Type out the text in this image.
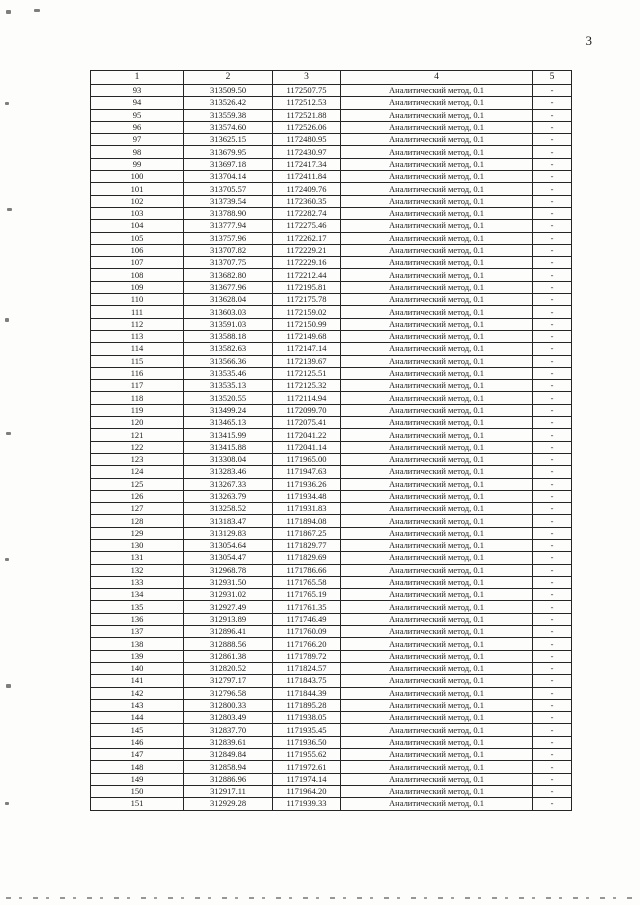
3
1	2	3	4	5
93	313509.50	1172507.75	Аналитический метод, 0.1	-
94	313526.42	1172512.53	Аналитический метод, 0.1	-
95	313559.38	1172521.88	Аналитический метод, 0.1	-
96	313574.60	1172526.06	Аналитический метод, 0.1	-
97	313625.15	1172480.95	Аналитический метод, 0.1	-
98	313679.95	1172430.97	Аналитический метод, 0.1	-
99	313697.18	1172417.34	Аналитический метод, 0.1	-
100	313704.14	1172411.84	Аналитический метод, 0.1	-
101	313705.57	1172409.76	Аналитический метод, 0.1	-
102	313739.54	1172360.35	Аналитический метод, 0.1	-
103	313788.90	1172282.74	Аналитический метод, 0.1	-
104	313777.94	1172275.46	Аналитический метод, 0.1	-
105	313757.96	1172262.17	Аналитический метод, 0.1	-
106	313707.82	1172229.21	Аналитический метод, 0.1	-
107	313707.75	1172229.16	Аналитический метод, 0.1	-
108	313682.80	1172212.44	Аналитический метод, 0.1	-
109	313677.96	1172195.81	Аналитический метод, 0.1	-
110	313628.04	1172175.78	Аналитический метод, 0.1	-
111	313603.03	1172159.02	Аналитический метод, 0.1	-
112	313591.03	1172150.99	Аналитический метод, 0.1	-
113	313588.18	1172149.68	Аналитический метод, 0.1	-
114	313582.63	1172147.14	Аналитический метод, 0.1	-
115	313566.36	1172139.67	Аналитический метод, 0.1	-
116	313535.46	1172125.51	Аналитический метод, 0.1	-
117	313535.13	1172125.32	Аналитический метод, 0.1	-
118	313520.55	1172114.94	Аналитический метод, 0.1	-
119	313499.24	1172099.70	Аналитический метод, 0.1	-
120	313465.13	1172075.41	Аналитический метод, 0.1	-
121	313415.99	1172041.22	Аналитический метод, 0.1	-
122	313415.88	1172041.14	Аналитический метод, 0.1	-
123	313308.04	1171965.00	Аналитический метод, 0.1	-
124	313283.46	1171947.63	Аналитический метод, 0.1	-
125	313267.33	1171936.26	Аналитический метод, 0.1	-
126	313263.79	1171934.48	Аналитический метод, 0.1	-
127	313258.52	1171931.83	Аналитический метод, 0.1	-
128	313183.47	1171894.08	Аналитический метод, 0.1	-
129	313129.83	1171867.25	Аналитический метод, 0.1	-
130	313054.64	1171829.77	Аналитический метод, 0.1	-
131	313054.47	1171829.69	Аналитический метод, 0.1	-
132	312968.78	1171786.66	Аналитический метод, 0.1	-
133	312931.50	1171765.58	Аналитический метод, 0.1	-
134	312931.02	1171765.19	Аналитический метод, 0.1	-
135	312927.49	1171761.35	Аналитический метод, 0.1	-
136	312913.89	1171746.49	Аналитический метод, 0.1	-
137	312896.41	1171760.09	Аналитический метод, 0.1	-
138	312888.56	1171766.20	Аналитический метод, 0.1	-
139	312861.38	1171789.72	Аналитический метод, 0.1	-
140	312820.52	1171824.57	Аналитический метод, 0.1	-
141	312797.17	1171843.75	Аналитический метод, 0.1	-
142	312796.58	1171844.39	Аналитический метод, 0.1	-
143	312800.33	1171895.28	Аналитический метод, 0.1	-
144	312803.49	1171938.05	Аналитический метод, 0.1	-
145	312837.70	1171935.45	Аналитический метод, 0.1	-
146	312839.61	1171936.50	Аналитический метод, 0.1	-
147	312849.84	1171955.62	Аналитический метод, 0.1	-
148	312858.94	1171972.61	Аналитический метод, 0.1	-
149	312886.96	1171974.14	Аналитический метод, 0.1	-
150	312917.11	1171964.20	Аналитический метод, 0.1	-
151	312929.28	1171939.33	Аналитический метод, 0.1	-
